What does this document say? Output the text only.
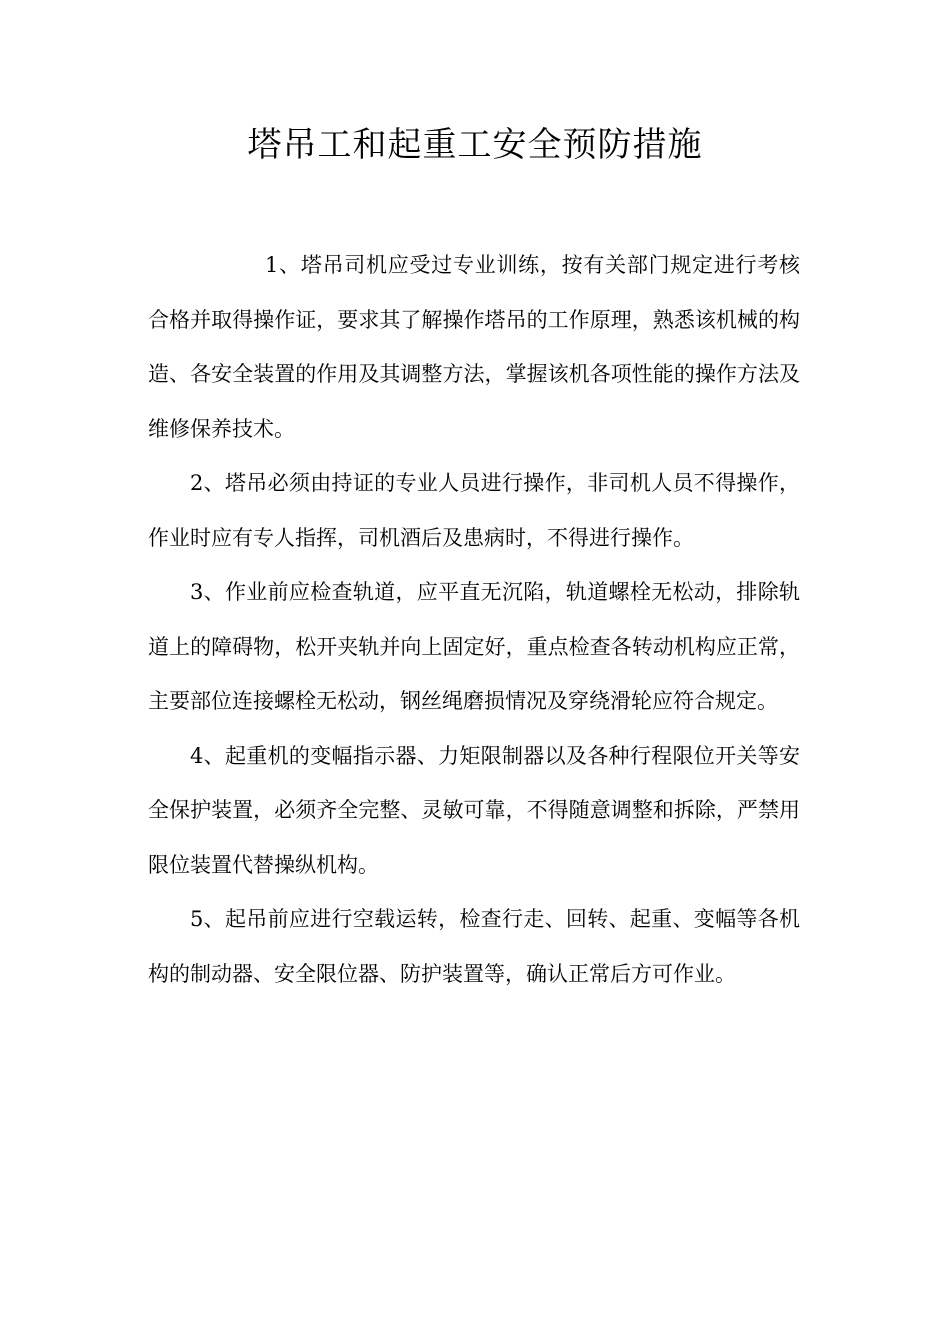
塔吊工和起重工安全预防措施

1、塔吊司机应受过专业训练，按有关部门规定进行考核合格并取得操作证，要求其了解操作塔吊的工作原理，熟悉该机械的构造、各安全装置的作用及其调整方法，掌握该机各项性能的操作方法及维修保养技术。

2、塔吊必须由持证的专业人员进行操作，非司机人员不得操作，作业时应有专人指挥，司机酒后及患病时，不得进行操作。

3、作业前应检查轨道，应平直无沉陷，轨道螺栓无松动，排除轨道上的障碍物，松开夹轨并向上固定好，重点检查各转动机构应正常，主要部位连接螺栓无松动，钢丝绳磨损情况及穿绕滑轮应符合规定。

4、起重机的变幅指示器、力矩限制器以及各种行程限位开关等安全保护装置，必须齐全完整、灵敏可靠，不得随意调整和拆除，严禁用限位装置代替操纵机构。

5、起吊前应进行空载运转，检查行走、回转、起重、变幅等各机构的制动器、安全限位器、防护装置等，确认正常后方可作业。
